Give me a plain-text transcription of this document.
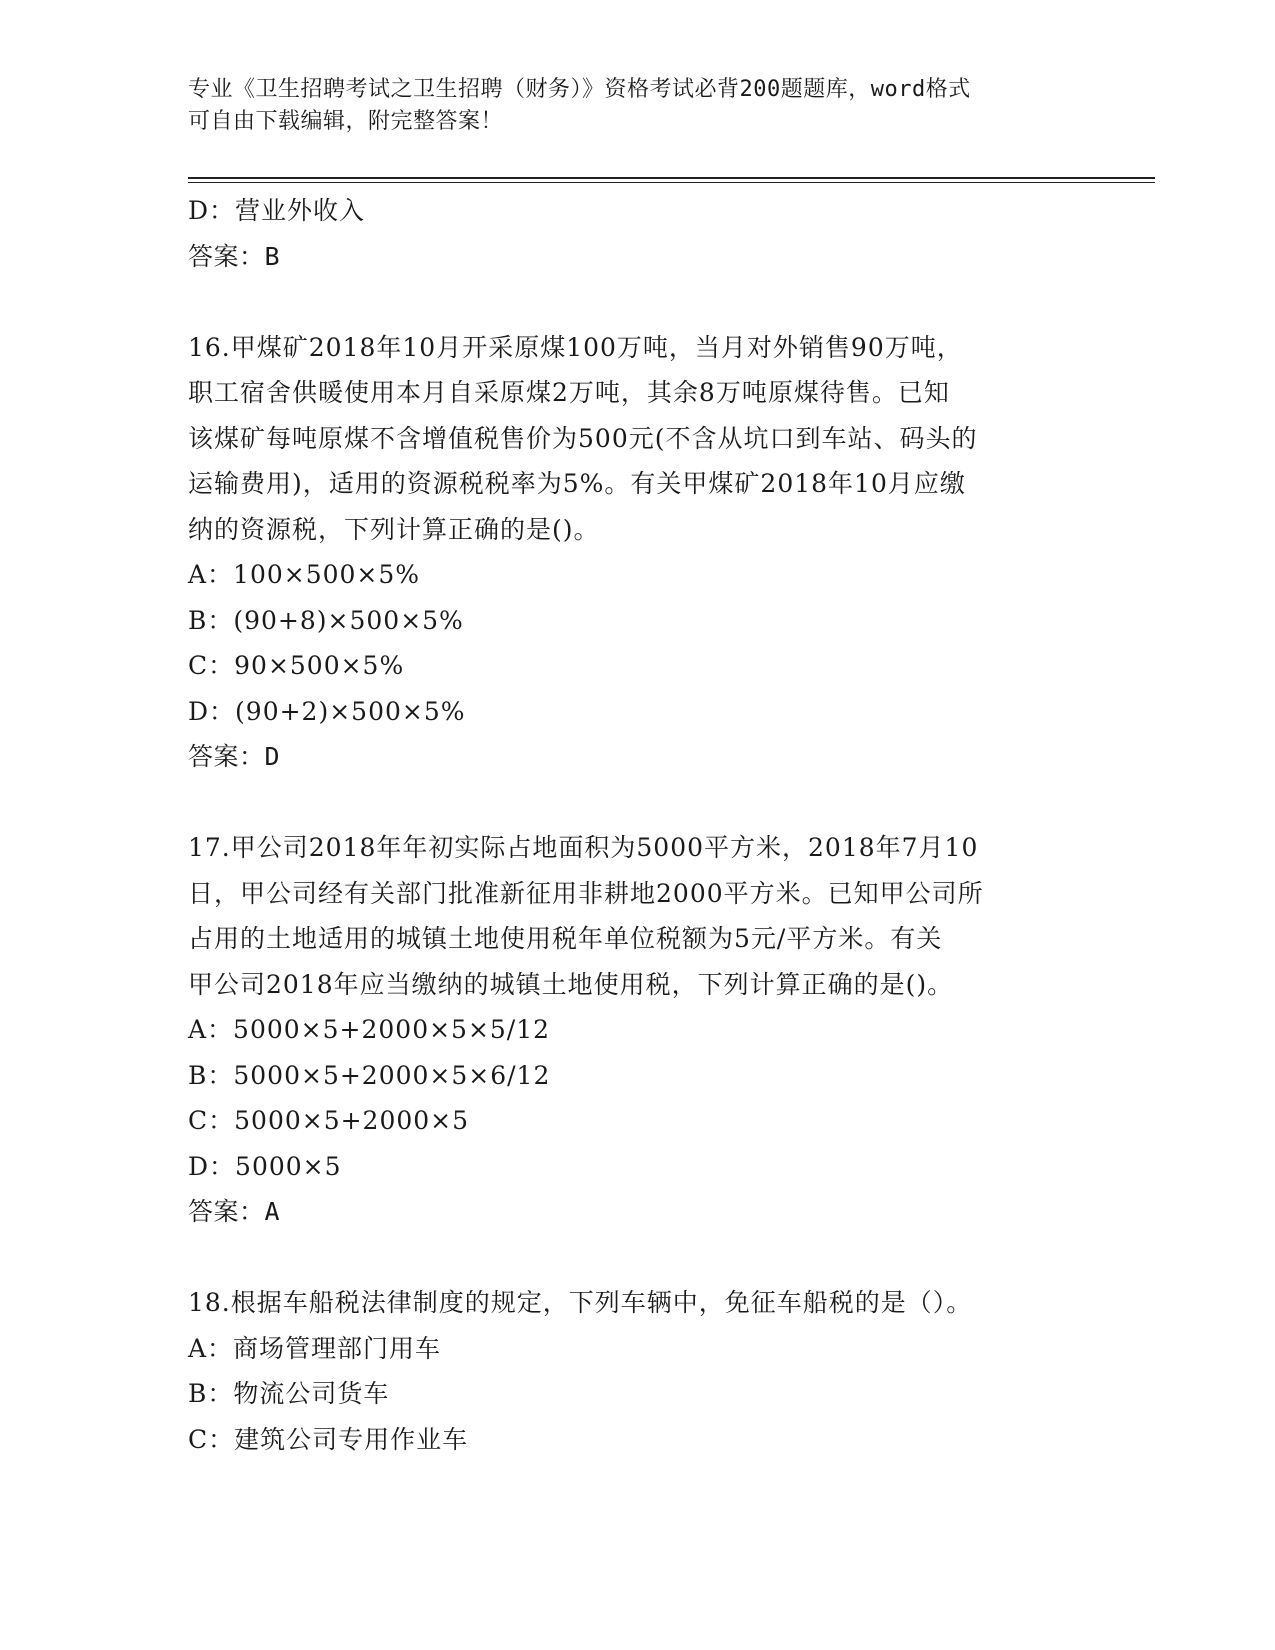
专业《卫生招聘考试之卫生招聘（财务）》资格考试必背200题题库，word格式
可自由下载编辑，附完整答案！
D：营业外收入
答案：B
16.甲煤矿2018年10月开采原煤100万吨，当月对外销售90万吨，
职工宿舍供暖使用本月自采原煤2万吨，其余8万吨原煤待售。已知
该煤矿每吨原煤不含增值税售价为500元(不含从坑口到车站、码头的
运输费用)，适用的资源税税率为5%。有关甲煤矿2018年10月应缴
纳的资源税，下列计算正确的是()。
A：100×500×5%
B：(90+8)×500×5%
C：90×500×5%
D：(90+2)×500×5%
答案：D
17.甲公司2018年年初实际占地面积为5000平方米，2018年7月10
日，甲公司经有关部门批准新征用非耕地2000平方米。已知甲公司所
占用的土地适用的城镇土地使用税年单位税额为5元/平方米。有关
甲公司2018年应当缴纳的城镇土地使用税，下列计算正确的是()。
A：5000×5+2000×5×5/12
B：5000×5+2000×5×6/12
C：5000×5+2000×5
D：5000×5
答案：A
18.根据车船税法律制度的规定，下列车辆中，免征车船税的是（）。
A：商场管理部门用车
B：物流公司货车
C：建筑公司专用作业车
